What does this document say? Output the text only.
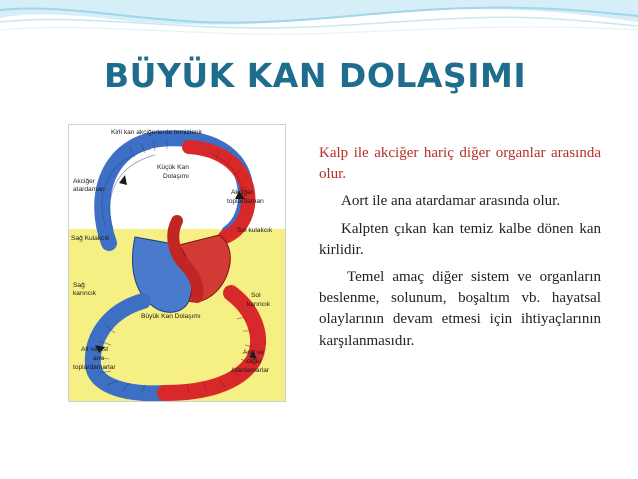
BÜYÜK KAN DOLAŞIMI
Kirli kan akciğerlerde temizlenir
Akciğer
atardamarı
Küçük Kan
Dolaşımı
Akciğer
toplardamarı
Sağ Kulakcık
Sol kulakcık
Sağ
karıncık	Sol
karıncık
Büyük Kan Dolaşımı
Alt ve üst
ana
toplardamarlar
Aort ve
diğer
Atardamarlar

Kalp ile akciğer hariç diğer organlar arasında olur.

Aort ile ana atardamar arasında olur.

Kalpten çıkan kan temiz kalbe dönen kan kirlidir.

Temel amaç diğer sistem ve organların beslenme, solunum, boşaltım vb. hayatsal olaylarının devam etmesi için ihtiyaçlarının karşılanmasıdır.
